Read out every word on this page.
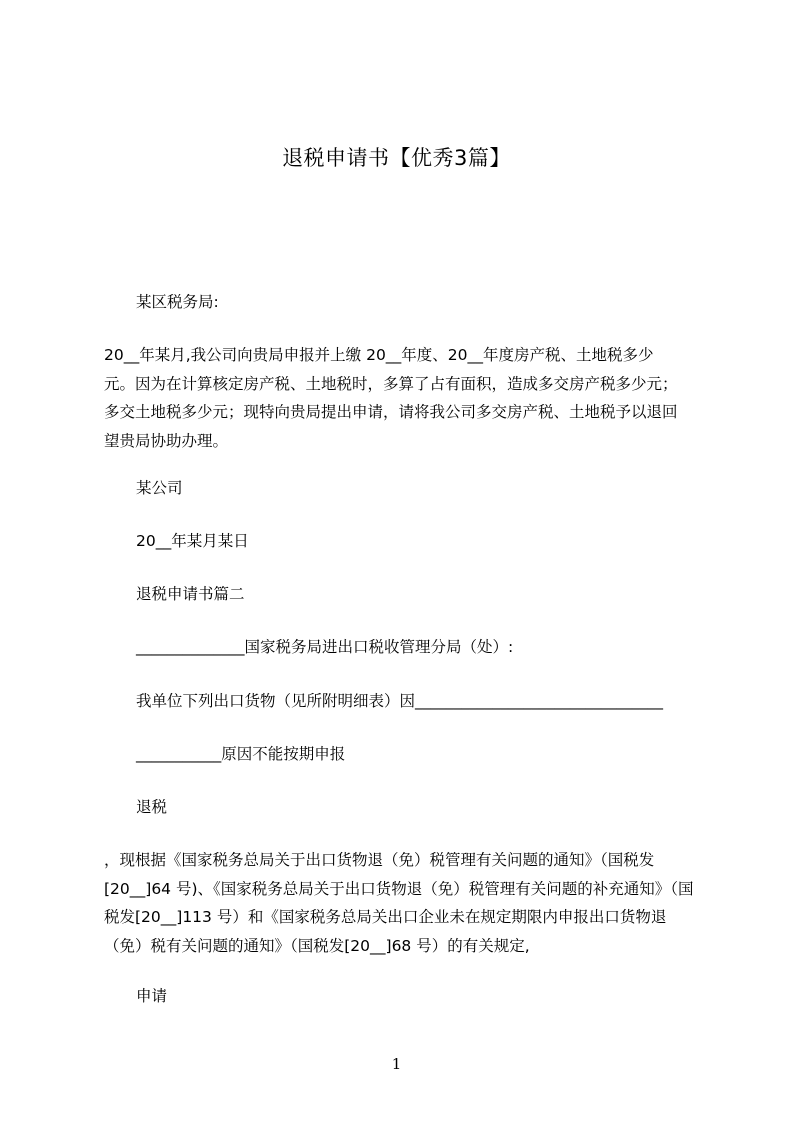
退税申请书【优秀3篇】
某区税务局:
20__年某月,我公司向贵局申报并上缴 20__年度、20__年度房产税、土地税多少
元。因为在计算核定房产税、土地税时，多算了占有面积，造成多交房产税多少元；
多交土地税多少元；现特向贵局提出申请，请将我公司多交房产税、土地税予以退回
望贵局协助办理。
某公司
20__年某月某日
退税申请书篇二
______________国家税务局进出口税收管理分局（处）:
我单位下列出口货物（见所附明细表）因________________________________
___________原因不能按期申报
退税
，现根据《国家税务总局关于出口货物退（免）税管理有关问题的通知》（国税发
[20__]64 号)、《国家税务总局关于出口货物退（免）税管理有关问题的补充通知》（国
税发[20__]113 号）和《国家税务总局关出口企业未在规定期限内申报出口货物退
（免）税有关问题的通知》（国税发[20__]68 号）的有关规定,
申请
1
